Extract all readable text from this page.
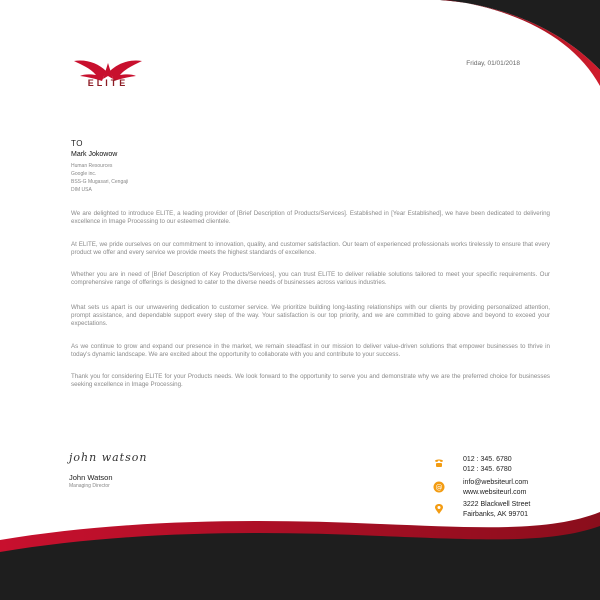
ELITE
Friday, 01/01/2018
TO
Mark Jokowow
Human Resources
Google inc.
BSS-G Mugasari, Cengaji
DIM USA
We are delighted to introduce ELITE, a leading provider of [Brief Description of Products/Services]. Established in [Year Established], we have been dedicated to delivering excellence in Image Processing to our esteemed clientele.
At ELITE, we pride ourselves on our commitment to innovation, quality, and customer satisfaction. Our team of experienced professionals works tirelessly to ensure that every product we offer and every service we provide meets the highest standards of excellence.
Whether you are in need of [Brief Description of Key Products/Services], you can trust ELITE to deliver reliable solutions tailored to meet your specific requirements. Our comprehensive range of offerings is designed to cater to the diverse needs of businesses across various industries.
What sets us apart is our unwavering dedication to customer service. We prioritize building long-lasting relationships with our clients by providing personalized attention, prompt assistance, and dependable support every step of the way. Your satisfaction is our top priority, and we are committed to going above and beyond to exceed your expectations.
As we continue to grow and expand our presence in the market, we remain steadfast in our mission to deliver value-driven solutions that empower businesses to thrive in today's dynamic landscape. We are excited about the opportunity to collaborate with you and contribute to your success.
Thank you for considering ELITE for your Products needs. We look forward to the opportunity to serve you and demonstrate why we are the preferred choice for businesses seeking excellence in Image Processing.
john watson
John Watson
Managing Director	@
012 : 345. 6780
012 : 345. 6780
info@websiteurl.com
www.websiteurl.com
3222 Blackwell Street
Fairbanks, AK 99701
